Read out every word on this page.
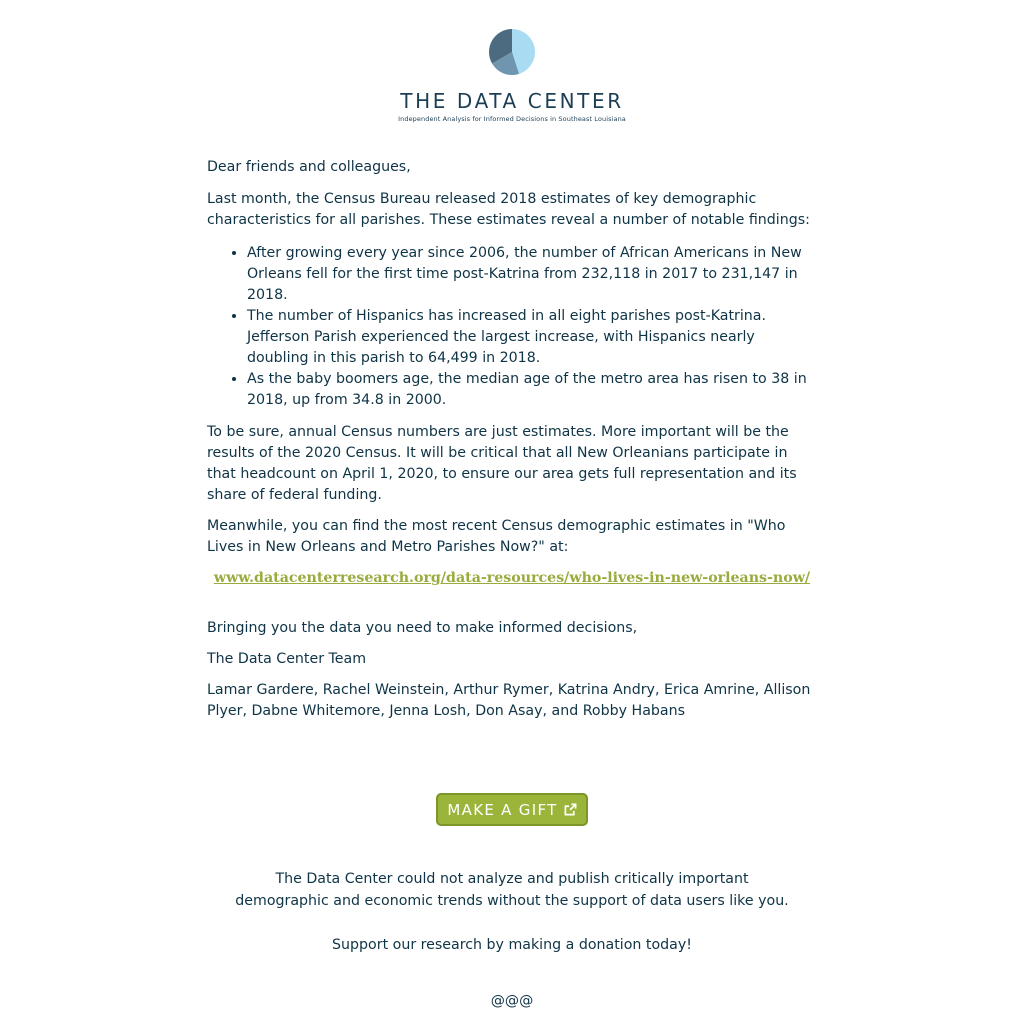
THE DATA CENTER
Independent Analysis for Informed Decisions in Southeast Louisiana

Dear friends and colleagues,

Last month, the Census Bureau released 2018 estimates of key demographic characteristics for all parishes. These estimates reveal a number of notable findings:

• After growing every year since 2006, the number of African Americans in New Orleans fell for the first time post-Katrina from 232,118 in 2017 to 231,147 in 2018.
• The number of Hispanics has increased in all eight parishes post-Katrina. Jefferson Parish experienced the largest increase, with Hispanics nearly doubling in this parish to 64,499 in 2018.
• As the baby boomers age, the median age of the metro area has risen to 38 in 2018, up from 34.8 in 2000.

To be sure, annual Census numbers are just estimates. More important will be the results of the 2020 Census. It will be critical that all New Orleanians participate in that headcount on April 1, 2020, to ensure our area gets full representation and its share of federal funding.

Meanwhile, you can find the most recent Census demographic estimates in "Who Lives in New Orleans and Metro Parishes Now?" at:

www.datacenterresearch.org/data-resources/who-lives-in-new-orleans-now/

Bringing you the data you need to make informed decisions,

The Data Center Team

Lamar Gardere, Rachel Weinstein, Arthur Rymer, Katrina Andry, Erica Amrine, Allison Plyer, Dabne Whitemore, Jenna Losh, Don Asay, and Robby Habans

MAKE A GIFT

The Data Center could not analyze and publish critically important demographic and economic trends without the support of data users like you.

Support our research by making a donation today!

@@@
